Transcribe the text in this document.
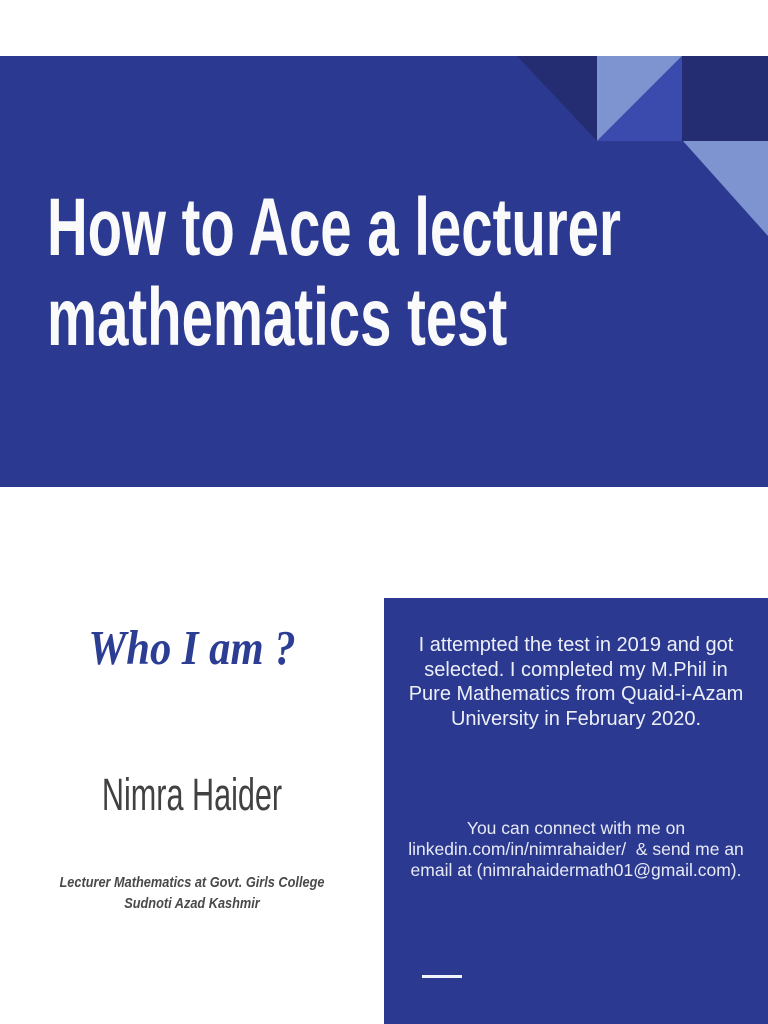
How to Ace a lecturer
mathematics test
Who I am ?
Nimra Haider
Lecturer Mathematics at Govt. Girls College
Sudnoti Azad Kashmir
I attempted the test in 2019 and got
selected. I completed my M.Phil in
Pure Mathematics from Quaid-i-Azam
University in February 2020.
You can connect with me on
linkedin.com/in/nimrahaider/  & send me an
email at (nimrahaidermath01@gmail.com).
